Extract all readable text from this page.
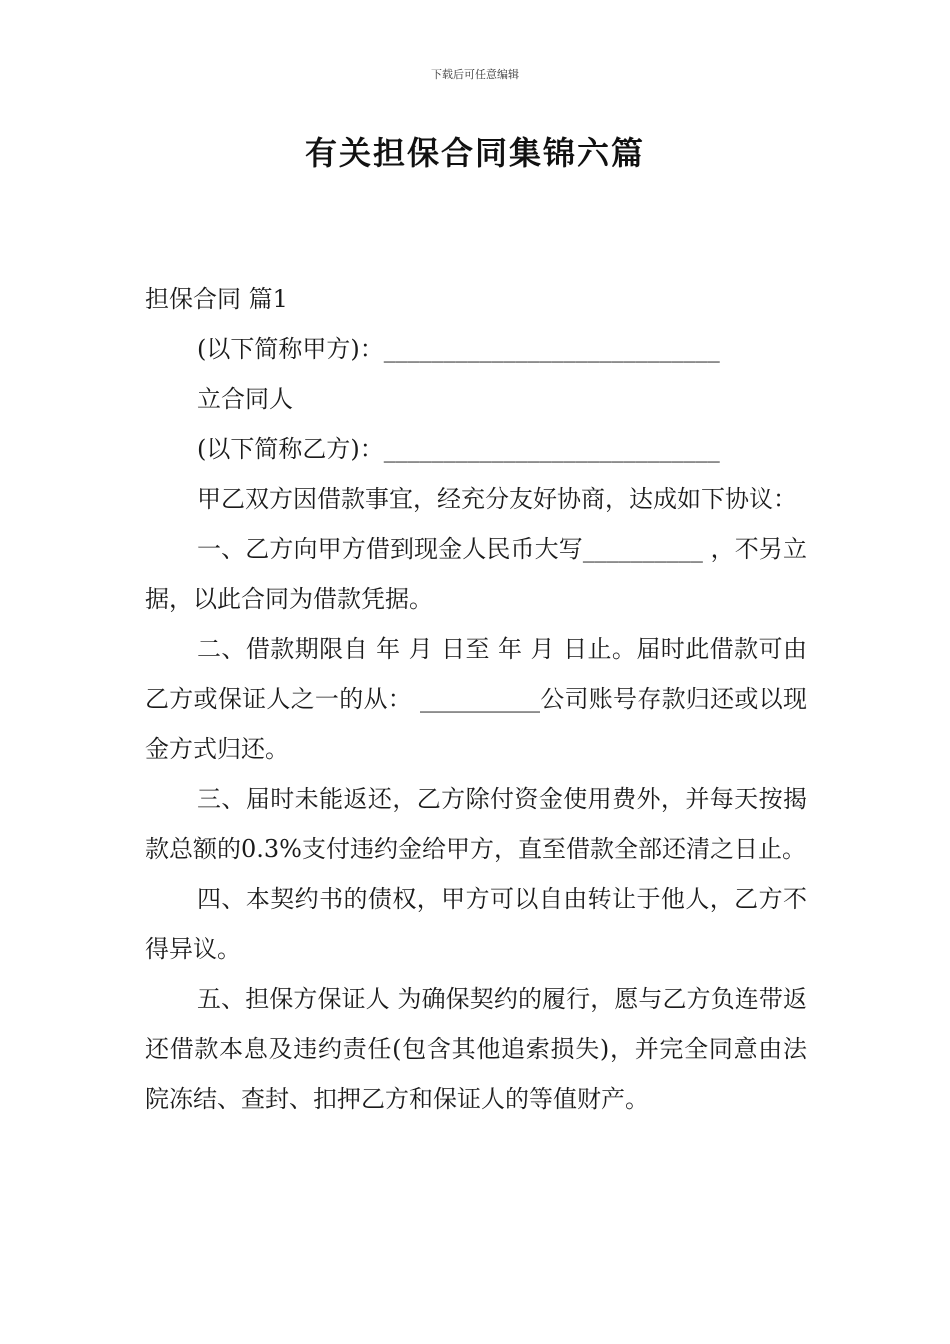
下载后可任意编辑
有关担保合同集锦六篇

担保合同 篇1

(以下简称甲方)：____________________________

立合同人

(以下简称乙方)：____________________________

甲乙双方因借款事宜，经充分友好协商，达成如下协议：

一、乙方向甲方借到现金人民币大写__________ ，不另立据，以此合同为借款凭据。

二、借款期限自 年 月 日至 年 月 日止。届时此借款可由乙方或保证人之一的从： __________公司账号存款归还或以现金方式归还。

三、届时未能返还，乙方除付资金使用费外，并每天按揭款总额的0.3%支付违约金给甲方，直至借款全部还清之日止。

四、本契约书的债权，甲方可以自由转让于他人，乙方不得异议。

五、担保方保证人 为确保契约的履行，愿与乙方负连带返还借款本息及违约责任(包含其他追索损失)，并完全同意由法院冻结、查封、扣押乙方和保证人的等值财产。
